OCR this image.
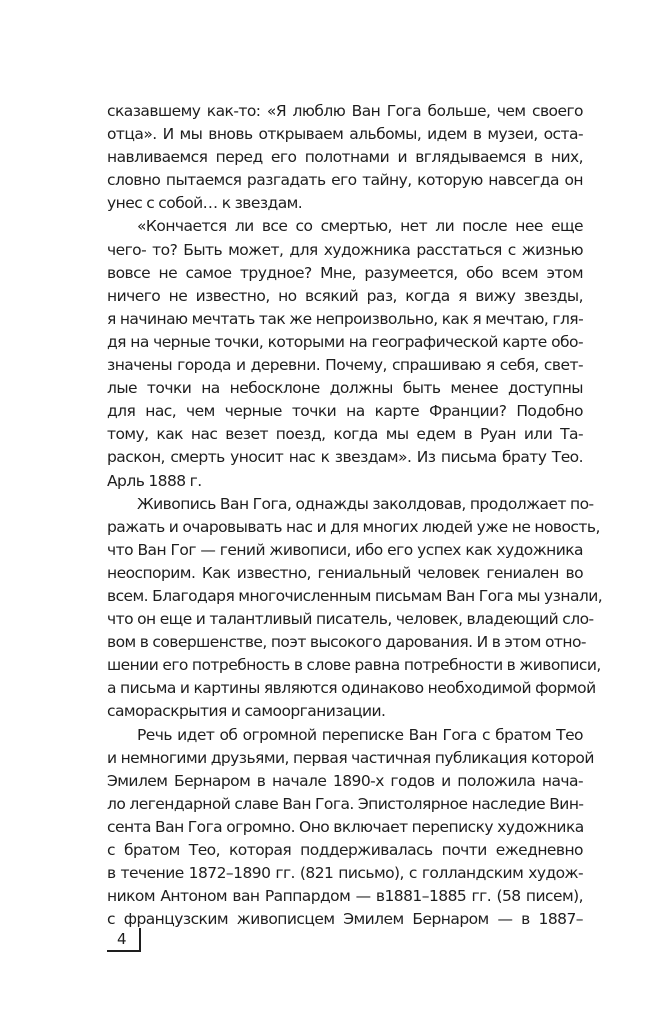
сказавшему как-то: «Я люблю Ван Гога больше, чем своего
отца». И мы вновь открываем альбомы, идем в музеи, оста-
навливаемся перед его полотнами и вглядываемся в них,
словно пытаемся разгадать его тайну, которую навсегда он
унес с собой… к звездам.
«Кончается ли все со смертью, нет ли после нее еще
чего- то? Быть может, для художника расстаться с жизнью
вовсе не самое трудное? Мне, разумеется, обо всем этом
ничего не известно, но всякий раз, когда я вижу звезды,
я начинаю мечтать так же непроизвольно, как я мечтаю, гля-
дя на черные точки, которыми на географической карте обо-
значены города и деревни. Почему, спрашиваю я себя, свет-
лые точки на небосклоне должны быть менее доступны
для нас, чем черные точки на карте Франции? Подобно
тому, как нас везет поезд, когда мы едем в Руан или Та-
раскон, смерть уносит нас к звездам». Из письма брату Тео.
Арль 1888 г.
Живопись Ван Гога, однажды заколдовав, продолжает по-
ражать и очаровывать нас и для многих людей уже не новость,
что Ван Гог — гений живописи, ибо его успех как художника
неоспорим. Как известно, гениальный человек гениален во
всем. Благодаря многочисленным письмам Ван Гога мы узнали,
что он еще и талантливый писатель, человек, владеющий сло-
вом в совершенстве, поэт высокого дарования. И в этом отно-
шении его потребность в слове равна потребности в живописи,
а письма и картины являются одинаково необходимой формой
самораскрытия и самоорганизации.
Речь идет об огромной переписке Ван Гога с братом Тео
и немногими друзьями, первая частичная публикация которой
Эмилем Бернаром в начале 1890-х годов и положила нача-
ло легендарной славе Ван Гога. Эпистолярное наследие Вин-
сента Ван Гога огромно. Оно включает переписку художника
с братом Тео, которая поддерживалась почти ежедневно
в течение 1872–1890 гг. (821 письмо), с голландским худож-
ником Антоном ван Раппардом — в1881–1885 гг. (58 писем),
с французским живописцем Эмилем Бернаром — в 1887–
4
